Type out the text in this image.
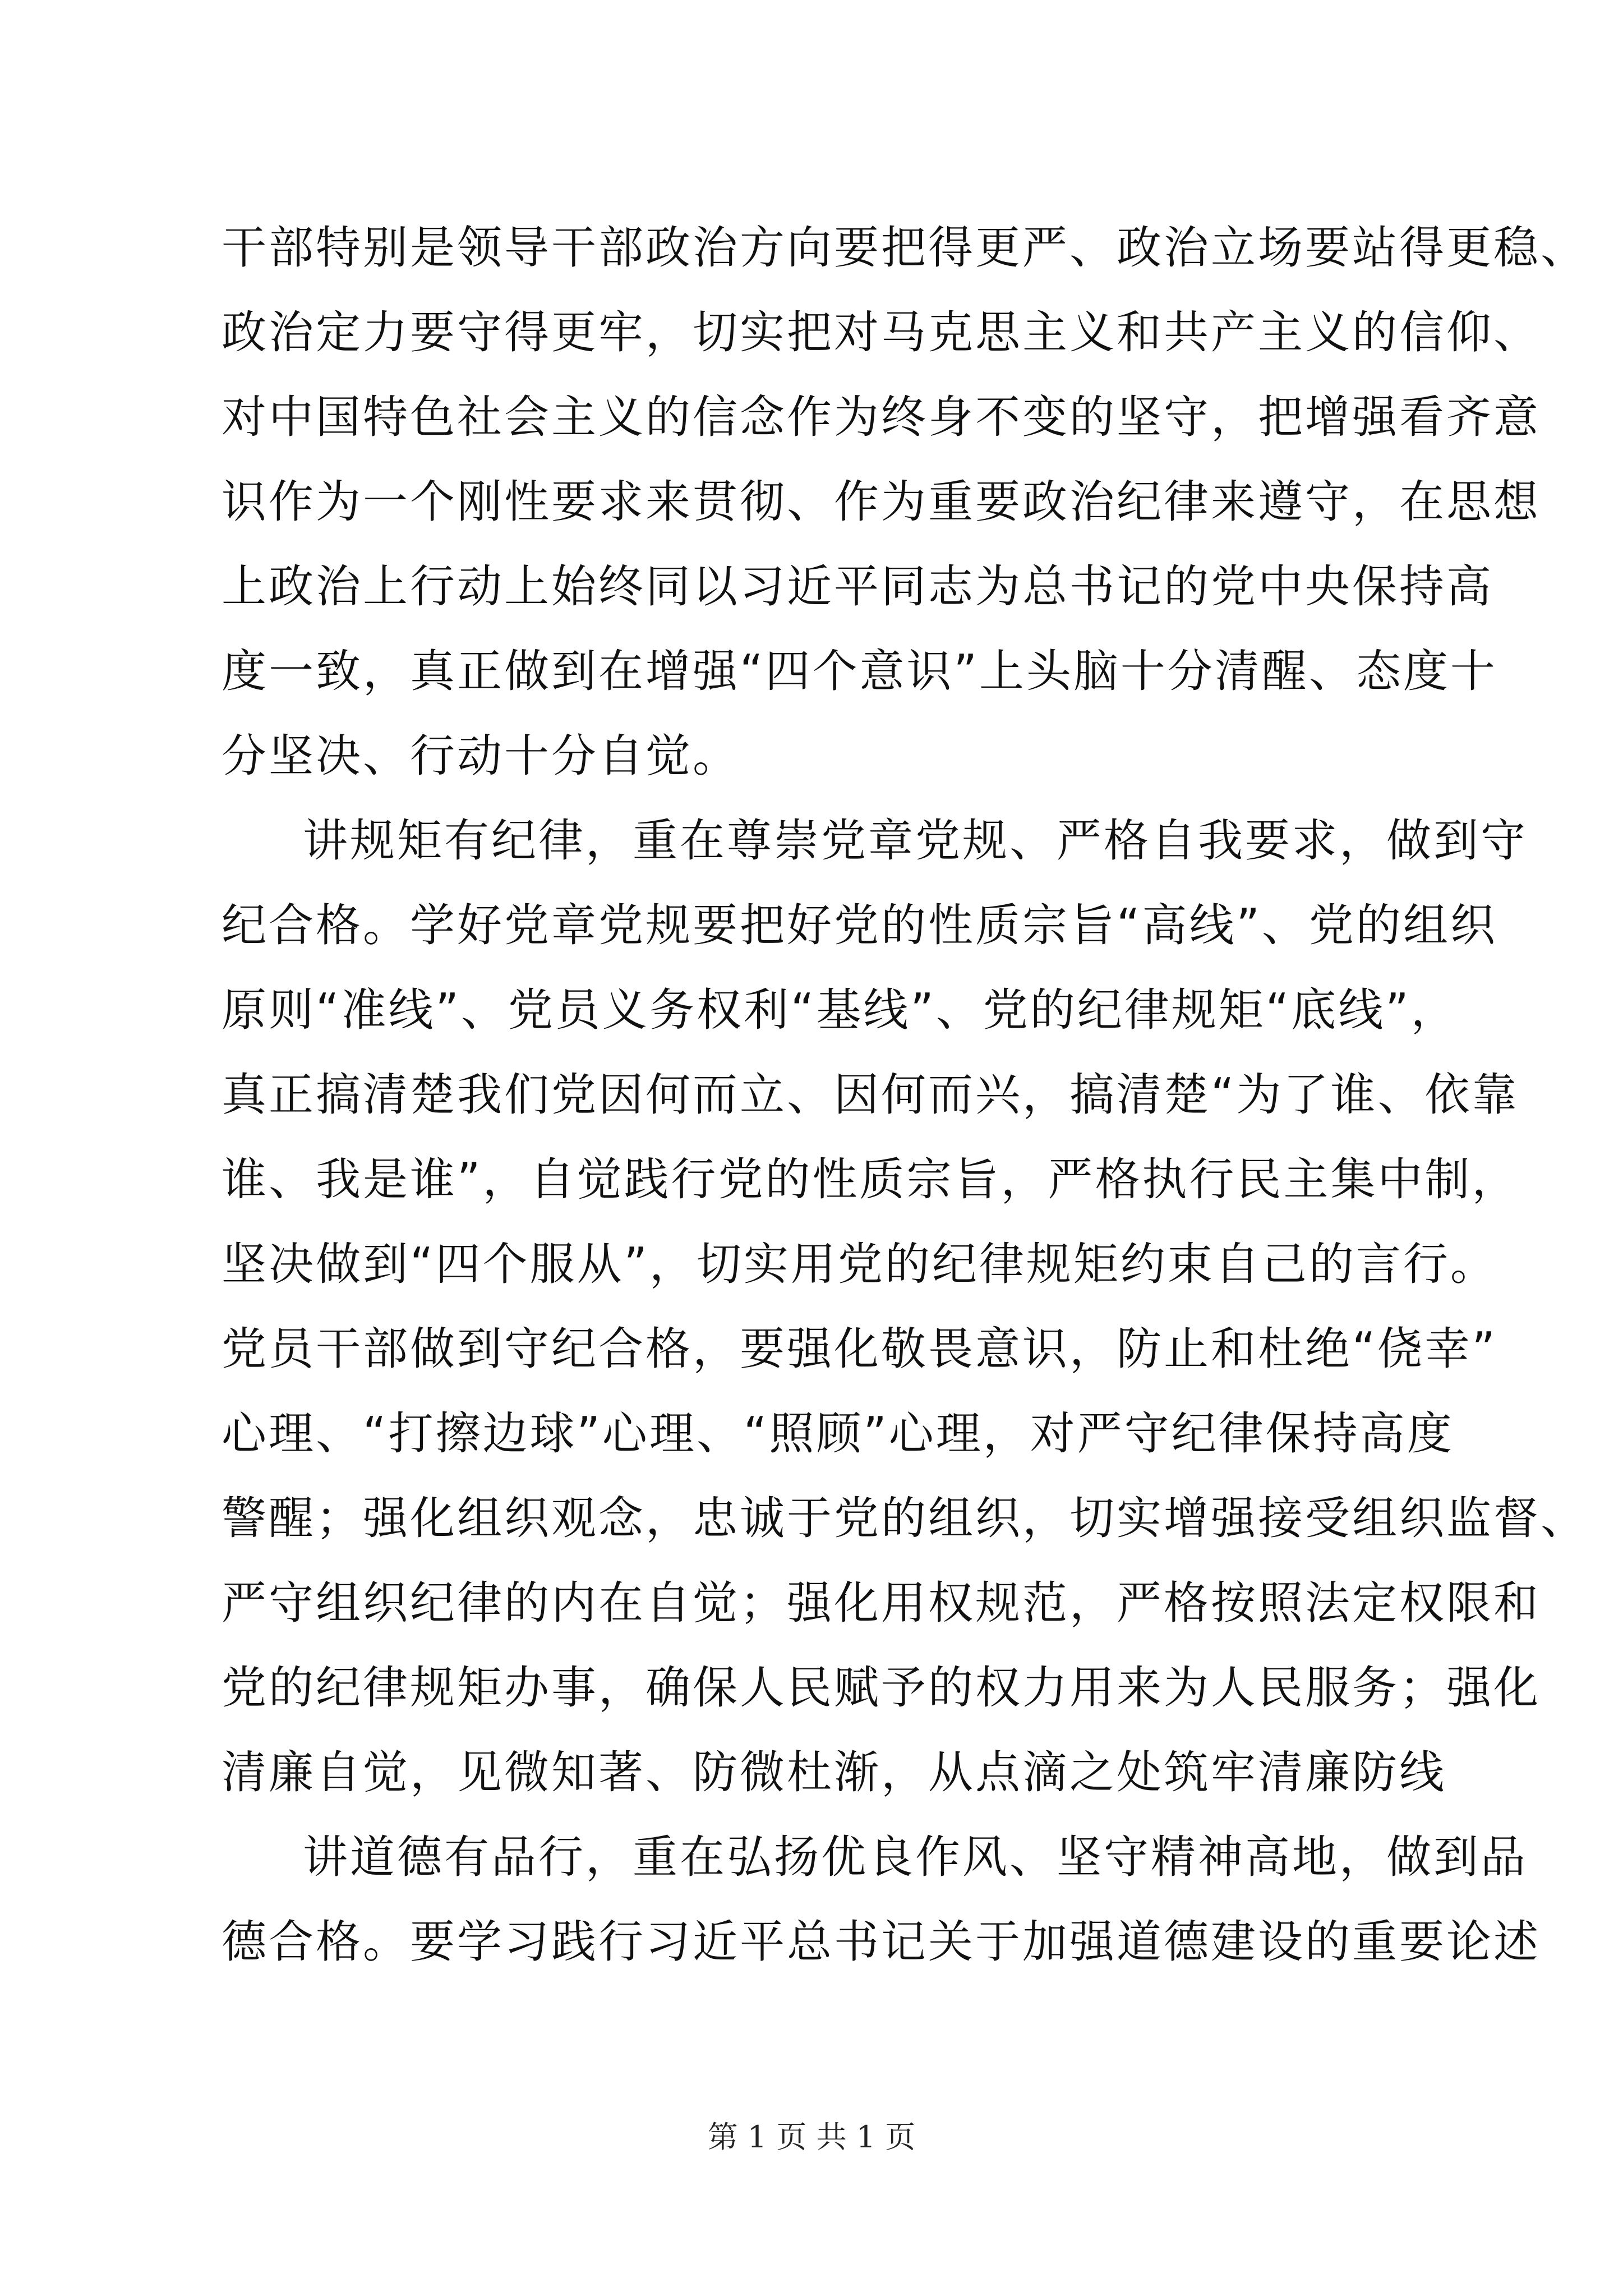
干部特别是领导干部政治方向要把得更严、政治立场要站得更稳、
政治定力要守得更牢，切实把对马克思主义和共产主义的信仰、
对中国特色社会主义的信念作为终身不变的坚守，把增强看齐意
识作为一个刚性要求来贯彻、作为重要政治纪律来遵守，在思想
上政治上行动上始终同以习近平同志为总书记的党中央保持高
度一致，真正做到在增强“四个意识”上头脑十分清醒、态度十
分坚决、行动十分自觉。
讲规矩有纪律，重在尊崇党章党规、严格自我要求，做到守
纪合格。学好党章党规要把好党的性质宗旨“高线”、党的组织
原则“准线”、党员义务权利“基线”、党的纪律规矩“底线”，
真正搞清楚我们党因何而立、因何而兴，搞清楚“为了谁、依靠
谁、我是谁”，自觉践行党的性质宗旨，严格执行民主集中制，
坚决做到“四个服从”，切实用党的纪律规矩约束自己的言行。
党员干部做到守纪合格，要强化敬畏意识，防止和杜绝“侥幸”
心理、“打擦边球”心理、“照顾”心理，对严守纪律保持高度
警醒；强化组织观念，忠诚于党的组织，切实增强接受组织监督、
严守组织纪律的内在自觉；强化用权规范，严格按照法定权限和
党的纪律规矩办事，确保人民赋予的权力用来为人民服务；强化
清廉自觉，见微知著、防微杜渐，从点滴之处筑牢清廉防线
讲道德有品行，重在弘扬优良作风、坚守精神高地，做到品
德合格。要学习践行习近平总书记关于加强道德建设的重要论述
第 1 页 共 1 页
